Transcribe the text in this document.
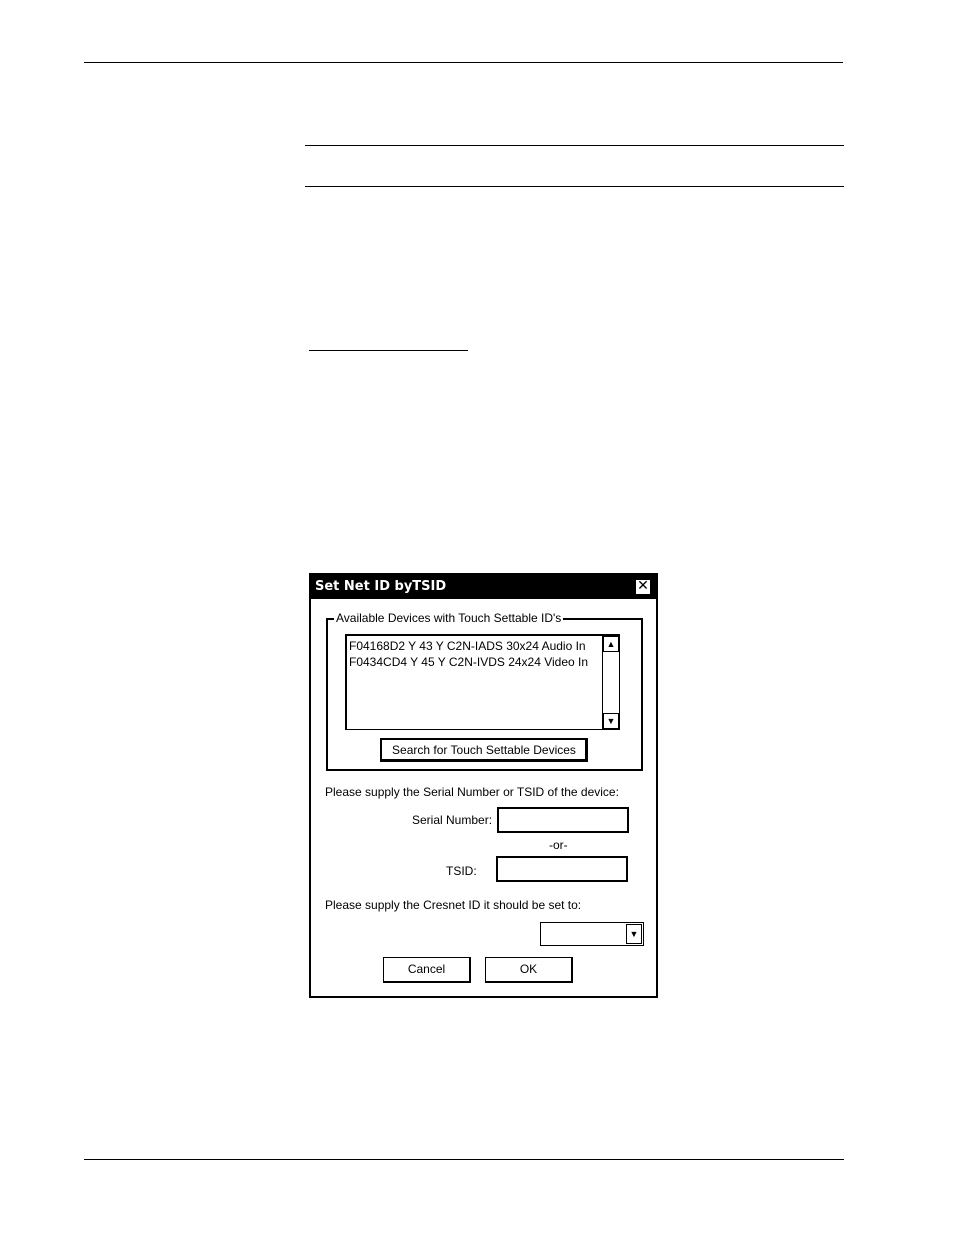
Set Net ID byTSID	✕
Available Devices with Touch Settable ID's
F04168D2 Y 43 Y C2N-IADS 30x24 Audio In
F0434CD4 Y 45 Y C2N-IVDS 24x24 Video In
▲
▼
Search for Touch Settable Devices
Please supply the Serial Number or TSID of the device:
Serial Number:
-or-
TSID:
Please supply the Cresnet ID it should be set to:
▼
Cancel	OK
